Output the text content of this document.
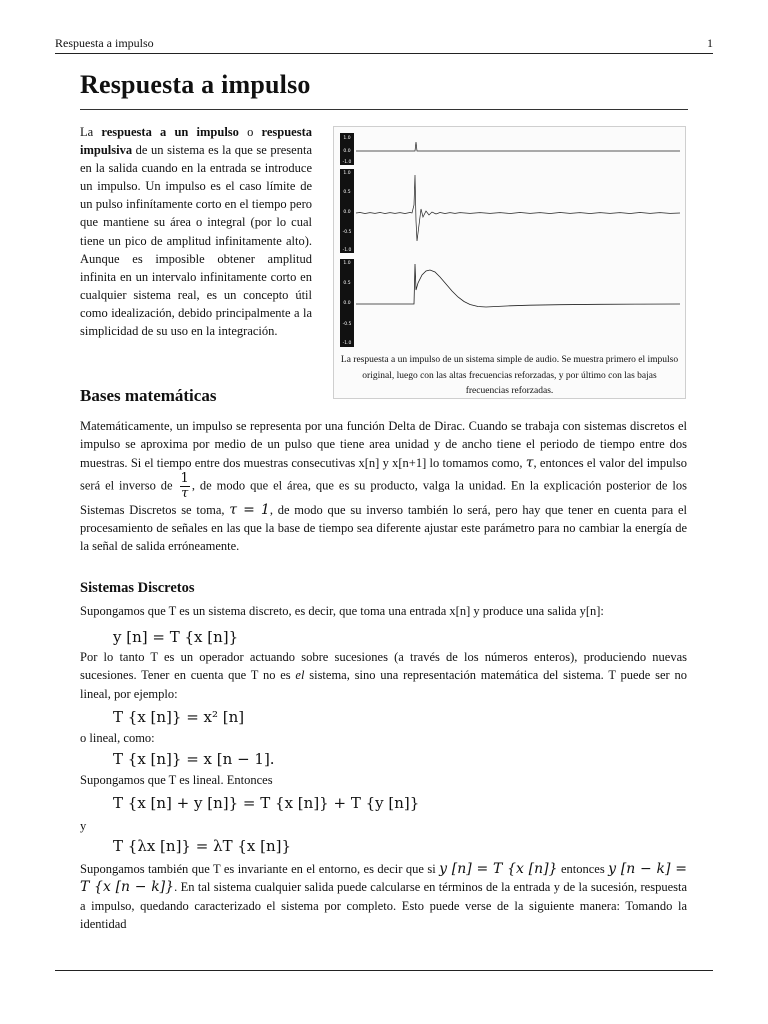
Respuesta a impulso	1
Respuesta a impulso

La respuesta a un impulso o respuesta impulsiva de un sistema es la que se presenta en la salida cuando en la entrada se introduce un impulso. Un impulso es el caso límite de un pulso infinítamente corto en el tiempo pero que mantiene su área o integral (por lo cual tiene un pico de amplitud infinitamente alto). Aunque es imposible obtener amplitud infinita en un intervalo infinitamente corto en cualquier sistema real, es un concepto útil como idealización, debido principalmente a la simplicidad de su uso en la integración.

1.0
0.0
-1.0
1.0
0.5
0.0
-0.5
-1.0
1.0
0.5
0.0
-0.5
-1.0
La respuesta a un impulso de un sistema simple de audio. Se muestra primero el impulso original, luego con las altas frecuencias reforzadas, y por último con las bajas frecuencias reforzadas.
Bases matemáticas

Matemáticamente, un impulso se representa por una función Delta de Dirac. Cuando se trabaja con sistemas discretos el impulso se aproxima por medio de un pulso que tiene area unidad y de ancho tiene el periodo de tiempo entre dos muestras. Si el tiempo entre dos muestras consecutivas x[n] y x[n+1] lo tomamos como, τ, entonces el valor del impulso será el inverso de $\frac{1}{\tau}$ , de modo que el área, que es su producto, valga la unidad. En la explicación posterior de los Sistemas Discretos se toma, τ = 1, de modo que su inverso también lo será, pero hay que tener en cuenta para el procesamiento de señales en las que la base de tiempo sea diferente ajustar este parámetro para no cambiar la energía de la señal de salida erróneamente.

Sistemas Discretos

Supongamos que T es un sistema discreto, es decir, que toma una entrada x[n] y produce una salida y[n]:

y [n] = T {x [n]}

Por lo tanto T es un operador actuando sobre sucesiones (a través de los números enteros), produciendo nuevas sucesiones. Tener en cuenta que T no es el sistema, sino una representación matemática del sistema. T puede ser no lineal, por ejemplo:

T {x [n]} = x² [n]

o lineal, como:

T {x [n]} = x [n − 1].

Supongamos que T es lineal. Entonces

T {x [n] + y [n]} = T {x [n]} + T {y [n]}

y

T {λx [n]} = λT {x [n]}

Supongamos también que T es invariante en el entorno, es decir que si y [n] = T {x [n]} entonces y [n − k] = T {x [n − k]}. En tal sistema cualquier salida puede calcularse en términos de la entrada y de la sucesión, respuesta a impulso, quedando caracterizado el sistema por completo. Esto puede verse de la siguiente manera: Tomando la identidad
